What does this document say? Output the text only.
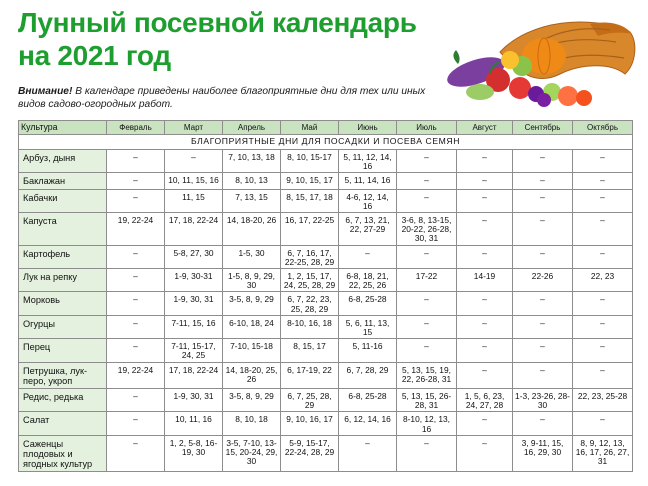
Лунный посевной календарь
на 2021 год
Внимание! В календаре приведены наиболее благоприятные дни для тех или иных видов садово-огородных работ.
Культура	Февраль	Март	Апрель	Май	Июнь	Июль	Август	Сентябрь	Октябрь
БЛАГОПРИЯТНЫЕ ДНИ ДЛЯ ПОСАДКИ И ПОСЕВА СЕМЯН									
Арбуз, дыня	–	–	7, 10, 13, 18	8, 10, 15-17	5, 11, 12, 14, 16	–	–	–	–
Баклажан	–	10, 11, 15, 16	8, 10, 13	9, 10, 15, 17	5, 11, 14, 16	–	–	–	–
Кабачки	–	11, 15	7, 13, 15	8, 15, 17, 18	4-6, 12, 14, 16	–	–	–	–
Капуста	19, 22-24	17, 18, 22-24	14, 18-20, 26	16, 17, 22-25	6, 7, 13, 21, 22, 27-29	3-6, 8, 13-15, 20-22, 26-28, 30, 31	–	–	–
Картофель	–	5-8, 27, 30	1-5, 30	6, 7, 16, 17, 22-25, 28, 29	–	–	–	–	–
Лук на репку	–	1-9, 30-31	1-5, 8, 9, 29, 30	1, 2, 15, 17, 24, 25, 28, 29	6-8, 18, 21, 22, 25, 26	17-22	14-19	22-26	22, 23
Морковь	–	1-9, 30, 31	3-5, 8, 9, 29	6, 7, 22, 23, 25, 28, 29	6-8, 25-28	–	–	–	–
Огурцы	–	7-11, 15, 16	6-10, 18, 24	8-10, 16, 18	5, 6, 11, 13, 15	–	–	–	–
Перец	–	7-11, 15-17, 24, 25	7-10, 15-18	8, 15, 17	5, 11-16	–	–	–	–
Петрушка, лук-перо, укроп	19, 22-24	17, 18, 22-24	14, 18-20, 25, 26	6, 17-19, 22	6, 7, 28, 29	5, 13, 15, 19, 22, 26-28, 31	–	–	–
Редис, редька	–	1-9, 30, 31	3-5, 8, 9, 29	6, 7, 25, 28, 29	6-8, 25-28	5, 13, 15, 26-28, 31	1, 5, 6, 23, 24, 27, 28	1-3, 23-26, 28-30	22, 23, 25-28
Салат	–	10, 11, 16	8, 10, 18	9, 10, 16, 17	6, 12, 14, 16	8-10, 12, 13, 16	–	–	–
Саженцы плодовых и ягодных культур	–	1, 2, 5-8, 16-19, 30	3-5, 7-10, 13-15, 20-24, 29, 30	5-9, 15-17, 22-24, 28, 29	–	–	–	3, 9-11, 15, 16, 29, 30	8, 9, 12, 13, 16, 17, 26, 27, 31
